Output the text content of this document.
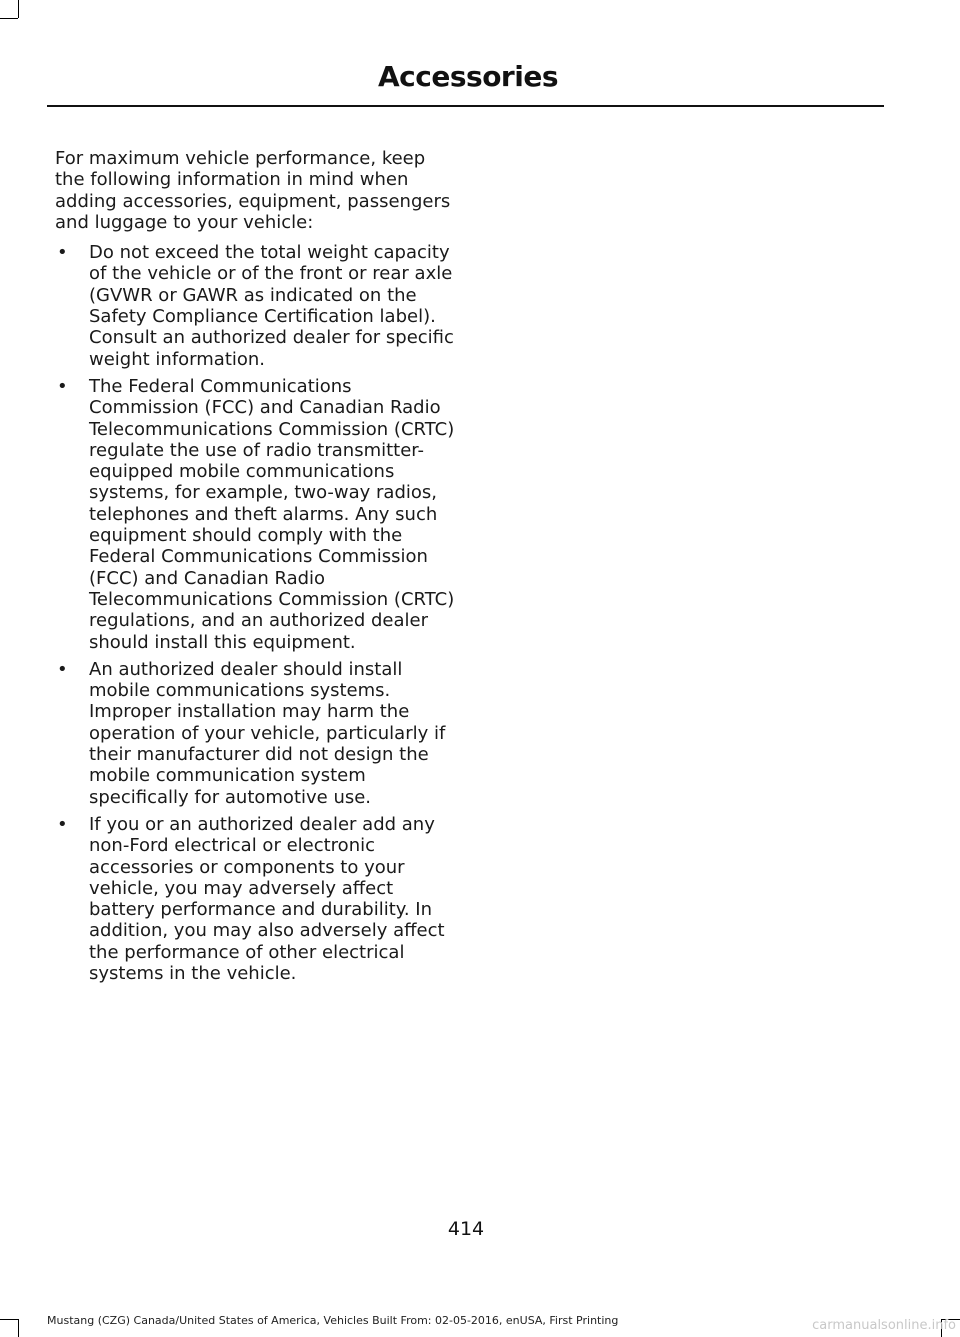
Accessories

For maximum vehicle performance, keep the following information in mind when adding accessories, equipment, passengers and luggage to your vehicle:

• Do not exceed the total weight capacity of the vehicle or of the front or rear axle (GVWR or GAWR as indicated on the Safety Compliance Certification label). Consult an authorized dealer for specific weight information.
• The Federal Communications Commission (FCC) and Canadian Radio Telecommunications Commission (CRTC) regulate the use of radio transmitter-equipped mobile communications systems, for example, two-way radios, telephones and theft alarms. Any such equipment should comply with the Federal Communications Commission (FCC) and Canadian Radio Telecommunications Commission (CRTC) regulations, and an authorized dealer should install this equipment.
• An authorized dealer should install mobile communications systems. Improper installation may harm the operation of your vehicle, particularly if their manufacturer did not design the mobile communication system specifically for automotive use.
• If you or an authorized dealer add any non-Ford electrical or electronic accessories or components to your vehicle, you may adversely affect battery performance and durability. In addition, you may also adversely affect the performance of other electrical systems in the vehicle.
414
Mustang (CZG) Canada/United States of America, Vehicles Built From: 02-05-2016, enUSA, First Printing	carmanualsonline.info
